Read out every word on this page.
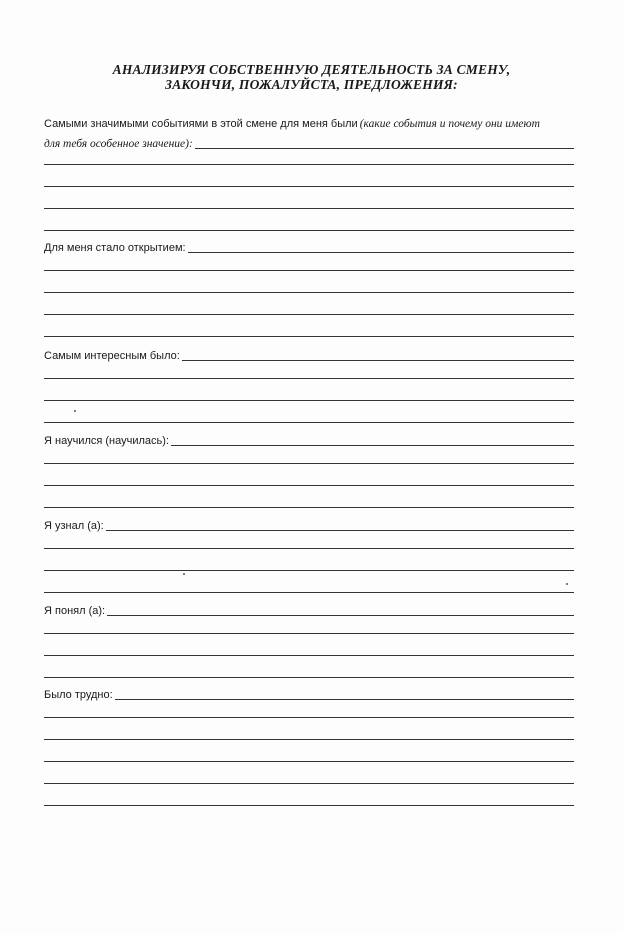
АНАЛИЗИРУЯ СОБСТВЕННУЮ ДЕЯТЕЛЬНОСТЬ ЗА СМЕНУ,
ЗАКОНЧИ, ПОЖАЛУЙСТА, ПРЕДЛОЖЕНИЯ:
Самыми значимыми событиями в этой смене для меня были (какие события и почему они имеют
для тебя особенное значение):
Для меня стало открытием:
Самым интересным было:
Я научился (научилась):
Я узнал (а):
Я понял (а):
Было трудно:
